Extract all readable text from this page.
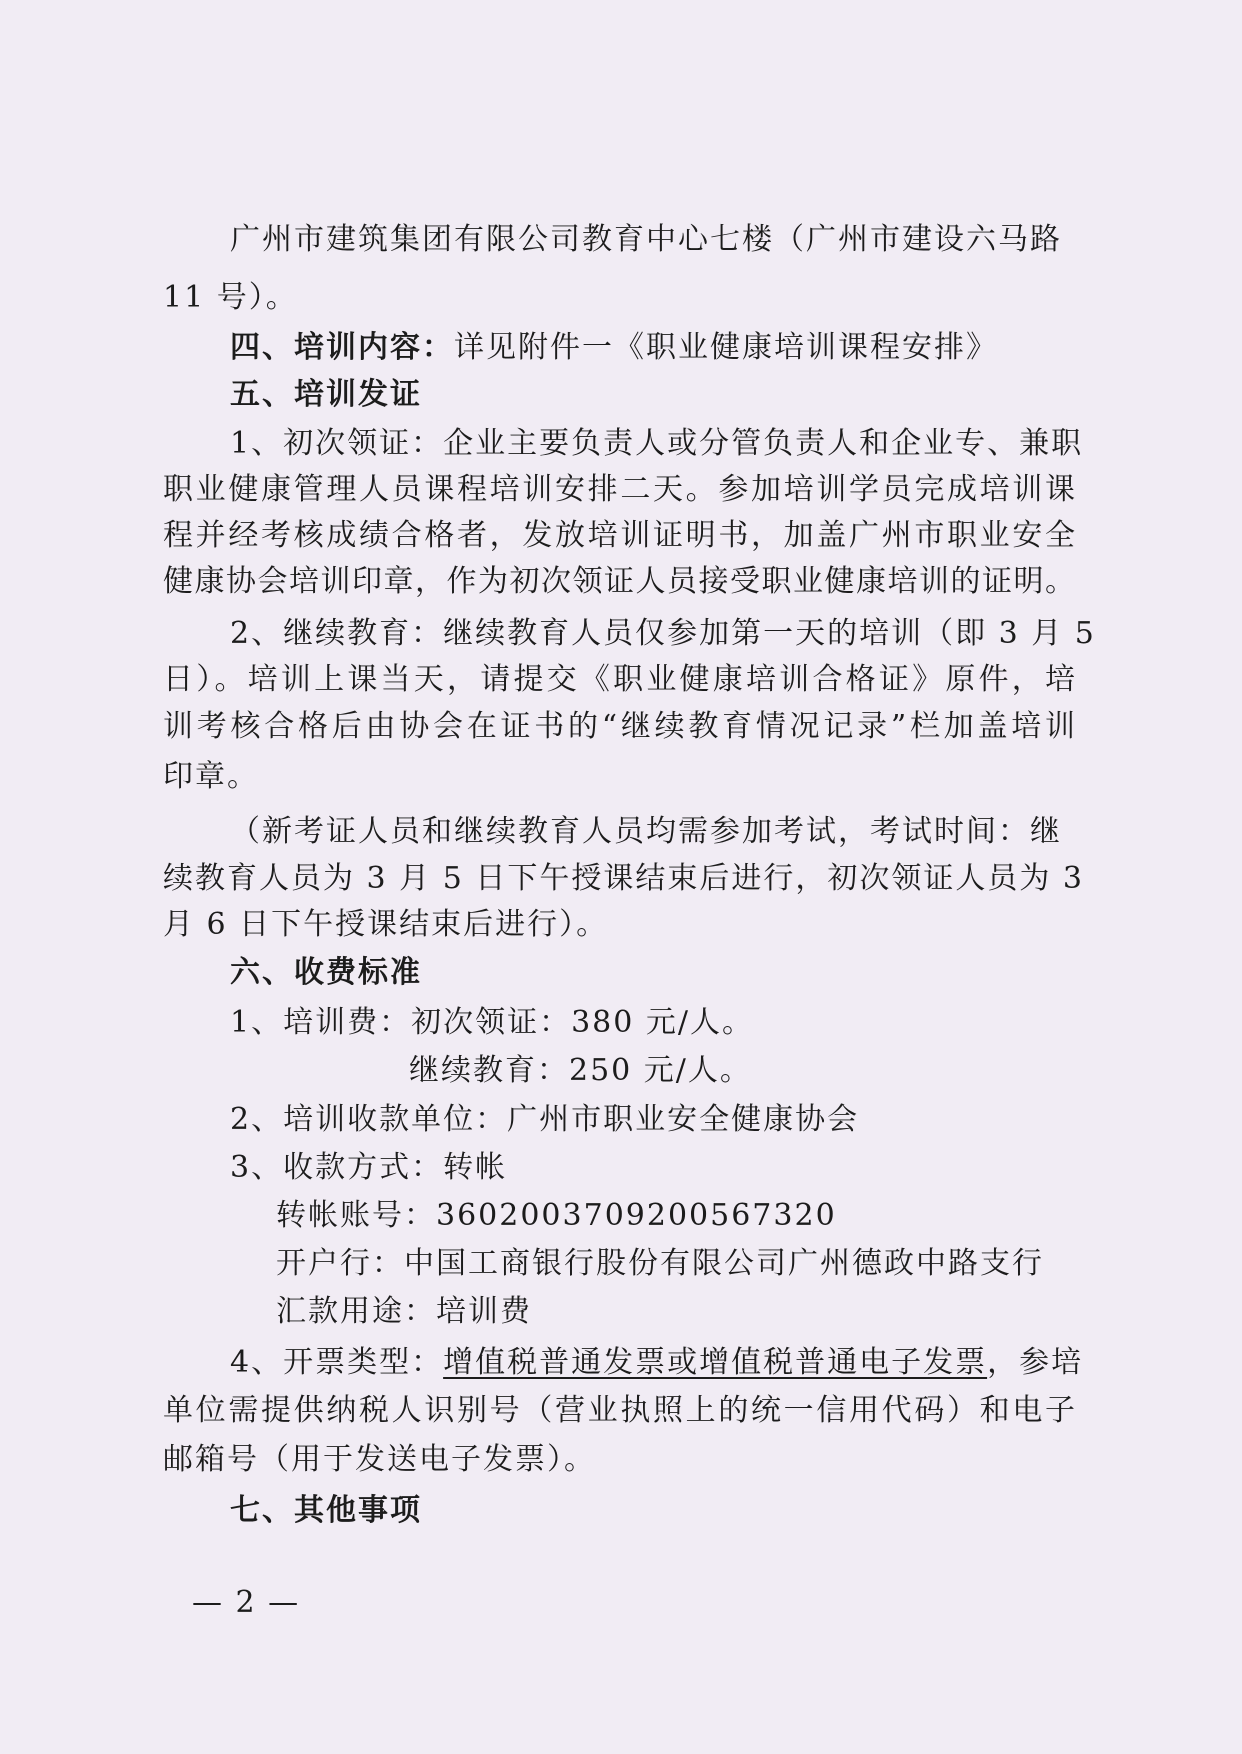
广州市建筑集团有限公司教育中心七楼（广州市建设六马路
11 号）。
四、培训内容：详见附件一《职业健康培训课程安排》
五、培训发证
1、初次领证：企业主要负责人或分管负责人和企业专、兼职
职业健康管理人员课程培训安排二天。参加培训学员完成培训课
程并经考核成绩合格者，发放培训证明书，加盖广州市职业安全
健康协会培训印章，作为初次领证人员接受职业健康培训的证明。
2、继续教育：继续教育人员仅参加第一天的培训（即 3 月 5
日）。培训上课当天，请提交《职业健康培训合格证》原件，培
训考核合格后由协会在证书的“继续教育情况记录”栏加盖培训
印章。
（新考证人员和继续教育人员均需参加考试，考试时间：继
续教育人员为 3 月 5 日下午授课结束后进行，初次领证人员为 3
月 6 日下午授课结束后进行）。
六、收费标准
1、培训费：初次领证：380 元/人。
继续教育：250 元/人。
2、培训收款单位：广州市职业安全健康协会
3、收款方式：转帐
转帐账号：3602003709200567320
开户行：中国工商银行股份有限公司广州德政中路支行
汇款用途：培训费
4、开票类型：增值税普通发票或增值税普通电子发票，参培
单位需提供纳税人识别号（营业执照上的统一信用代码）和电子
邮箱号（用于发送电子发票）。
七、其他事项
— 2 —
